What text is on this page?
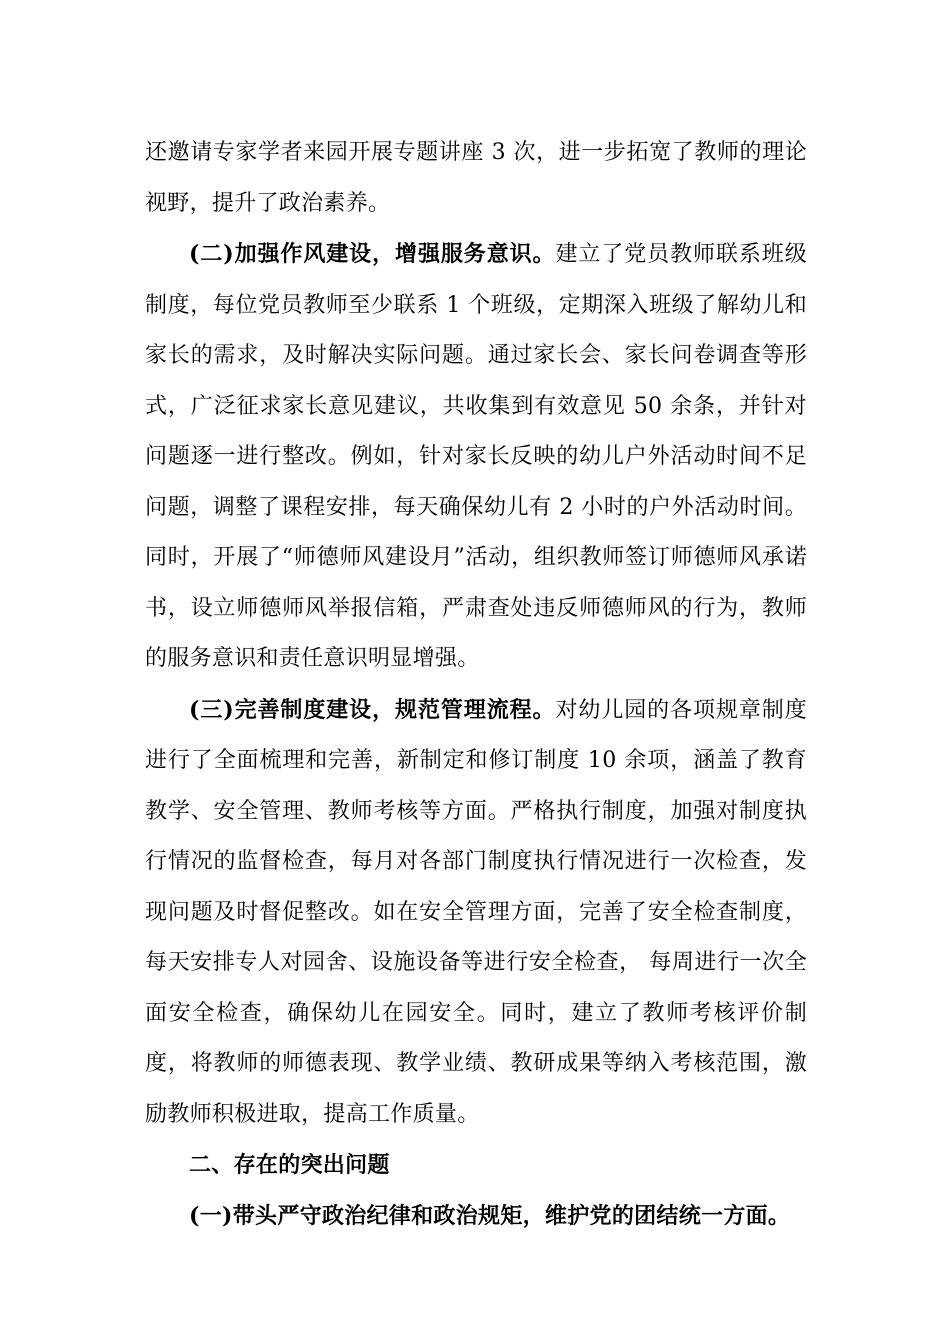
还邀请专家学者来园开展专题讲座 3 次，进一步拓宽了教师的理论视野，提升了政治素养。

(二)加强作风建设，增强服务意识。建立了党员教师联系班级制度，每位党员教师至少联系 1 个班级，定期深入班级了解幼儿和家长的需求，及时解决实际问题。通过家长会、家长问卷调查等形式，广泛征求家长意见建议，共收集到有效意见 50 余条，并针对问题逐一进行整改。例如，针对家长反映的幼儿户外活动时间不足问题，调整了课程安排，每天确保幼儿有 2 小时的户外活动时间。同时，开展了“师德师风建设月”活动，组织教师签订师德师风承诺书，设立师德师风举报信箱，严肃查处违反师德师风的行为，教师的服务意识和责任意识明显增强。

(三)完善制度建设，规范管理流程。对幼儿园的各项规章制度进行了全面梳理和完善，新制定和修订制度 10 余项，涵盖了教育教学、安全管理、教师考核等方面。严格执行制度，加强对制度执行情况的监督检查，每月对各部门制度执行情况进行一次检查，发现问题及时督促整改。如在安全管理方面，完善了安全检查制度，每天安排专人对园舍、设施设备等进行安全检查， 每周进行一次全面安全检查，确保幼儿在园安全。同时，建立了教师考核评价制度，将教师的师德表现、教学业绩、教研成果等纳入考核范围，激励教师积极进取，提高工作质量。

二、存在的突出问题

(一)带头严守政治纪律和政治规矩，维护党的团结统一方面。
